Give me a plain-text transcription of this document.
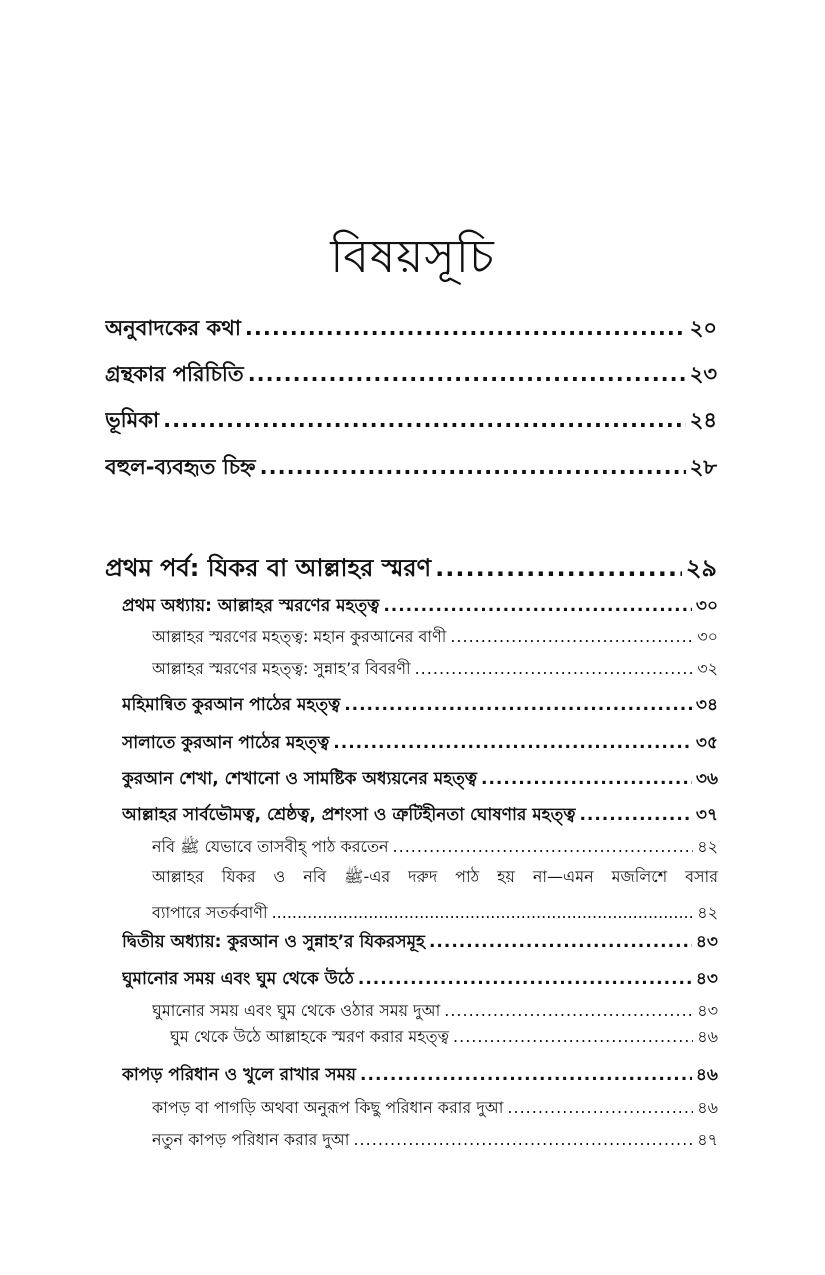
বিষয়সূচি
অনুবাদকের কথা .....	২০
গ্রন্থকার পরিচিতি .....	২৩
ভূমিকা .....	২৪
বহুল-ব্যবহৃত চিহ্ন .....	২৮
প্রথম পর্ব: যিকর বা আল্লাহর স্মরণ .....	২৯
প্রথম অধ্যায়: আল্লাহর স্মরণের মহত্ত্ব .....	৩০
আল্লাহর স্মরণের মহত্ত্ব: মহান কুরআনের বাণী .....	৩০
আল্লাহর স্মরণের মহত্ত্ব: সুন্নাহ’র বিবরণী .....	৩২
মহিমান্বিত কুরআন পাঠের মহত্ত্ব .....	৩৪
সালাতে কুরআন পাঠের মহত্ত্ব .....	৩৫
কুরআন শেখা, শেখানো ও সামষ্টিক অধ্যয়নের মহত্ত্ব .....	৩৬
আল্লাহর সার্বভৌমত্ব, শ্রেষ্ঠত্ব, প্রশংসা ও ত্রুটিহীনতা ঘোষণার মহত্ত্ব .....	৩৭
নবি ﷺ যেভাবে তাসবীহ্ পাঠ করতেন .....	৪২
আল্লাহর যিকর ও নবি ﷺ-এর দরুদ পাঠ হয় না—এমন মজলিশে বসার
ব্যাপারে সতর্কবাণী .....	৪২
দ্বিতীয় অধ্যায়: কুরআন ও সুন্নাহ’র যিকরসমূহ .....	৪৩
ঘুমানোর সময় এবং ঘুম থেকে উঠে .....	৪৩
ঘুমানোর সময় এবং ঘুম থেকে ওঠার সময় দুআ .....	৪৩
ঘুম থেকে উঠে আল্লাহকে স্মরণ করার মহত্ত্ব .....	৪৬
কাপড় পরিধান ও খুলে রাখার সময় .....	৪৬
কাপড় বা পাগড়ি অথবা অনুরূপ কিছু পরিধান করার দুআ .....	৪৬
নতুন কাপড় পরিধান করার দুআ .....	৪৭
